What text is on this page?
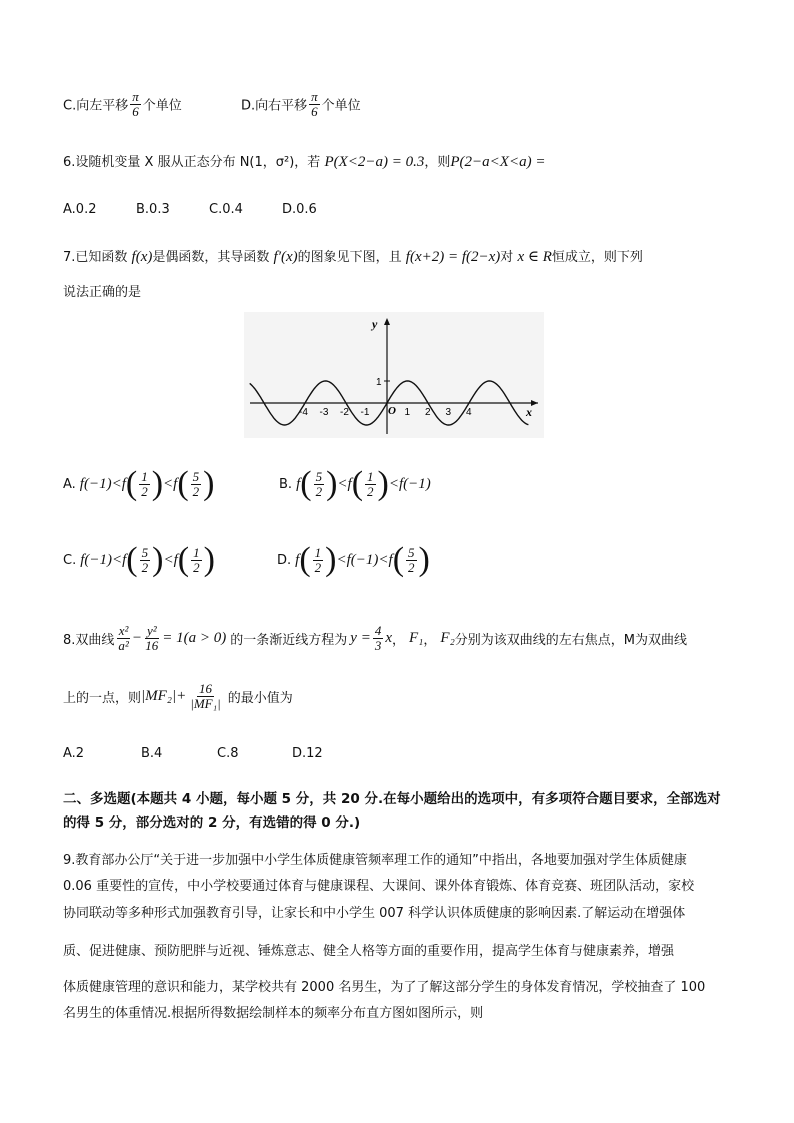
C.向左平移 $\frac{\pi}{6}$ 个单位	D.向右平移 $\frac{\pi}{6}$ 个单位
6.设随机变量 X 服从正态分布 N(1，σ²)，若 P(X<2−a) = 0.3，则P(2−a<X<a) =
A.0.2	B.0.3	C.0.4	D.0.6
7.已知函数 f(x)是偶函数，其导函数 f′(x)的图象见下图，且 f(x+2) = f(2−x)对 x ∈ R恒成立，则下列
说法正确的是
-4 -3 -2 -1	1 2 3 4
y
x
O
1
A. f(−1) <f ( $\frac{1}{2}$ ) <f ( $\frac{5}{2}$ )	B. f ( $\frac{5}{2}$ ) <f ( $\frac{1}{2}$ ) <f(−1)
C. f(−1) <f ( $\frac{5}{2}$ ) <f ( $\frac{1}{2}$ )	D. f ( $\frac{1}{2}$ ) <f(−1)<f ( $\frac{5}{2}$ )
8.双曲线 $\frac{\text{x²}}{\text{a²}} - \frac{\text{y²}}{16} = 1(a > 0)$ 的一条渐近线方程为 $y = \frac{4}{3}$ x ， F₁ ， F₂ 分别为该双曲线的左右焦点，M为双曲线
上的一点，则 $|MF_2|+ \frac{16}{\text{|MF₁|}}$ 的最小值为
A.2	B.4	C.8	D.12
二、多选题(本题共 4 小题，每小题 5 分，共 20 分.在每小题给出的选项中，有多项符合题目要求，全部选对
的得 5 分，部分选对的 2 分，有选错的得 0 分.)
9.教育部办公厅“关于进一步加强中小学生体质健康管频率理工作的通知”中指出，各地要加强对学生体质健康
0.06 重要性的宣传，中小学校要通过体育与健康课程、大课间、课外体育锻炼、体育竞赛、班团队活动，家校
协同联动等多种形式加强教育引导，让家长和中小学生 007 科学认识体质健康的影响因素.了解运动在增强体
质、促进健康、预防肥胖与近视、锤炼意志、健全人格等方面的重要作用，提高学生体育与健康素养，增强
体质健康管理的意识和能力，某学校共有 2000 名男生，为了了解这部分学生的身体发育情况，学校抽查了 100
名男生的体重情况.根据所得数据绘制样本的频率分布直方图如图所示，则
